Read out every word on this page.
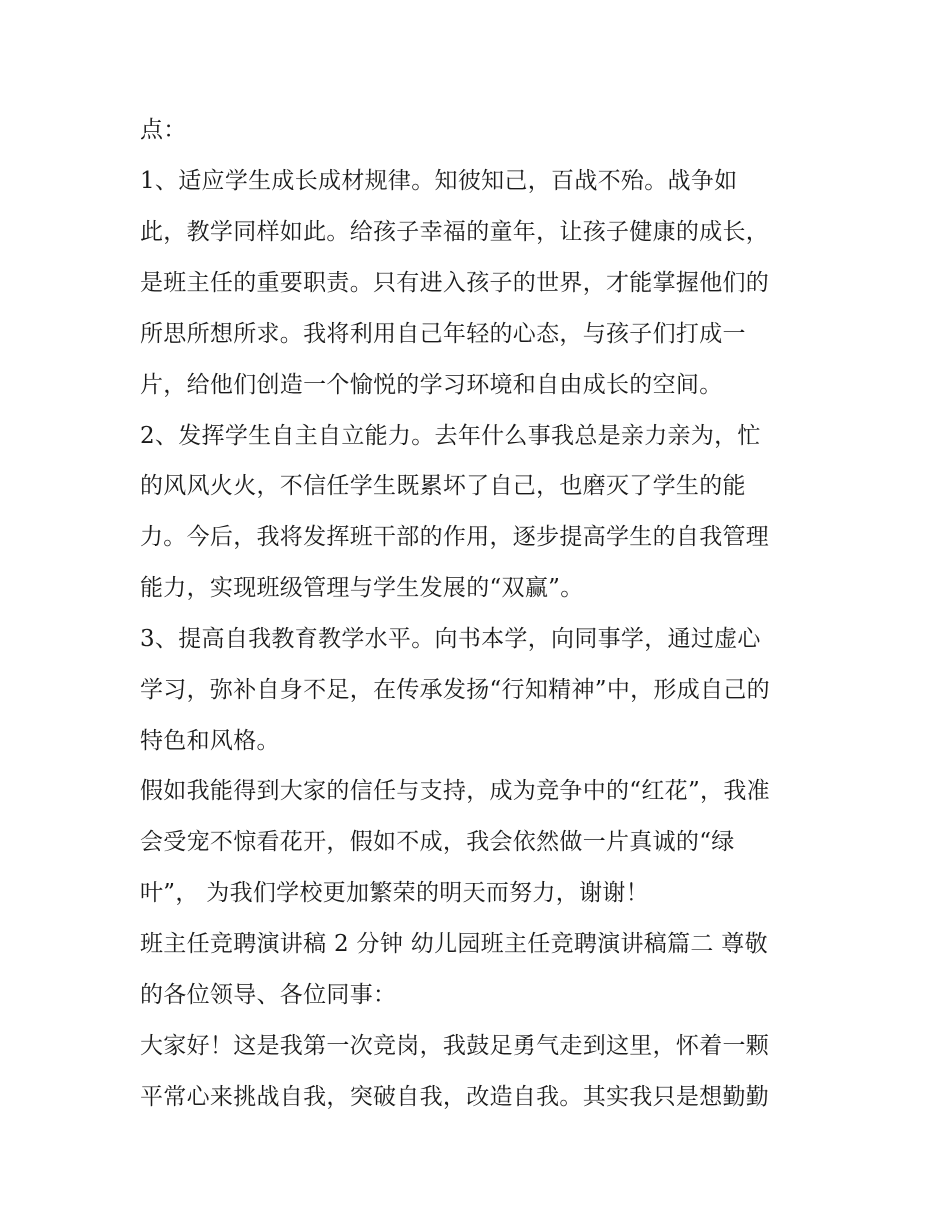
点：
1、适应学生成长成材规律。知彼知己，百战不殆。战争如
此，教学同样如此。给孩子幸福的童年，让孩子健康的成长，
是班主任的重要职责。只有进入孩子的世界，才能掌握他们的
所思所想所求。我将利用自己年轻的心态，与孩子们打成一
片，给他们创造一个愉悦的学习环境和自由成长的空间。
2、发挥学生自主自立能力。去年什么事我总是亲力亲为，忙
的风风火火，不信任学生既累坏了自己，也磨灭了学生的能
力。今后，我将发挥班干部的作用，逐步提高学生的自我管理
能力，实现班级管理与学生发展的“双赢”。
3、提高自我教育教学水平。向书本学，向同事学，通过虚心
学习，弥补自身不足，在传承发扬“行知精神”中，形成自己的
特色和风格。
假如我能得到大家的信任与支持，成为竞争中的“红花”，我准
会受宠不惊看花开，假如不成，我会依然做一片真诚的“绿
叶”， 为我们学校更加繁荣的明天而努力，谢谢！
班主任竞聘演讲稿 2 分钟 幼儿园班主任竞聘演讲稿篇二 尊敬
的各位领导、各位同事：
大家好！这是我第一次竞岗，我鼓足勇气走到这里，怀着一颗
平常心来挑战自我，突破自我，改造自我。其实我只是想勤勤
